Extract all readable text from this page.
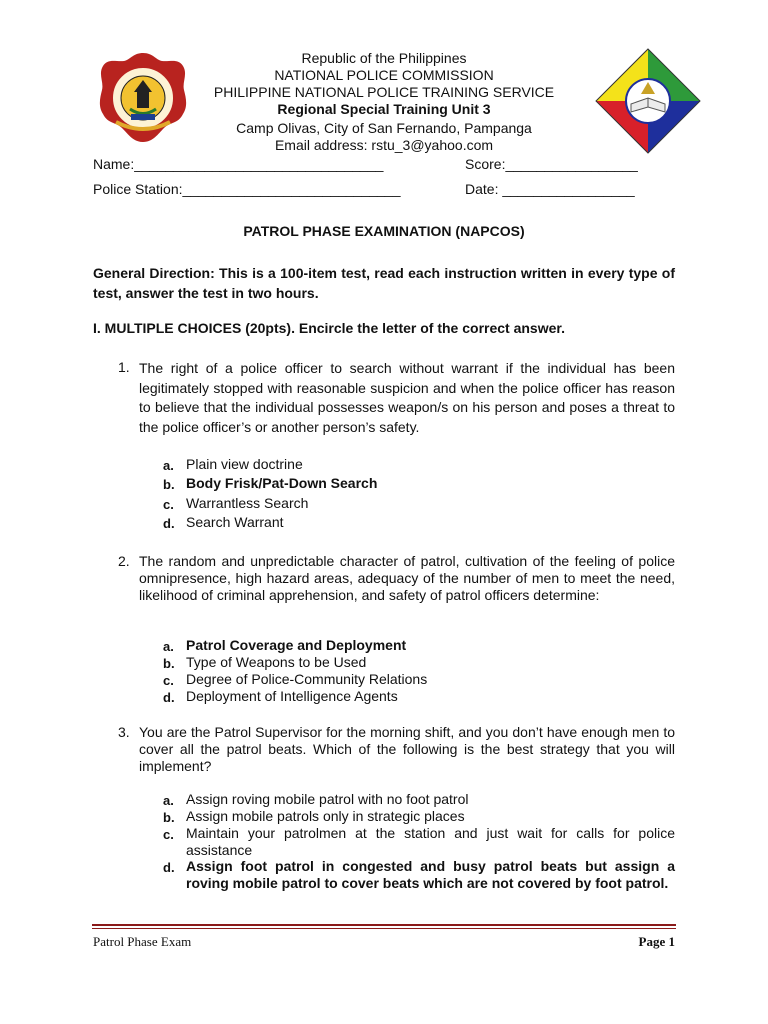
Republic of the Philippines
NATIONAL POLICE COMMISSION
PHILIPPINE NATIONAL POLICE TRAINING SERVICE
Regional Special Training Unit 3
Camp Olivas, City of San Fernando, Pampanga
Email address: rstu_3@yahoo.com
Name:________________________________	Score:_________________
Police Station:____________________________	Date: _________________
PATROL PHASE EXAMINATION (NAPCOS)
General Direction: This is a 100-item test, read each instruction written in every type of test, answer the test in two hours.
I. MULTIPLE CHOICES (20pts). Encircle the letter of the correct answer.
1. The right of a police officer to search without warrant if the individual has been legitimately stopped with reasonable suspicion and when the police officer has reason to believe that the individual possesses weapon/s on his person and poses a threat to the police officer’s or another person’s safety.
a. Plain view doctrine
b. Body Frisk/Pat-Down Search
c. Warrantless Search
d. Search Warrant
2. The random and unpredictable character of patrol, cultivation of the feeling of police omnipresence, high hazard areas, adequacy of the number of men to meet the need, likelihood of criminal apprehension, and safety of patrol officers determine:
a. Patrol Coverage and Deployment
b. Type of Weapons to be Used
c. Degree of Police-Community Relations
d. Deployment of Intelligence Agents
3. You are the Patrol Supervisor for the morning shift, and you don’t have enough men to cover all the patrol beats. Which of the following is the best strategy that you will implement?
a. Assign roving mobile patrol with no foot patrol
b. Assign mobile patrols only in strategic places
c. Maintain your patrolmen at the station and just wait for calls for police assistance
d. Assign foot patrol in congested and busy patrol beats but assign a roving mobile patrol to cover beats which are not covered by foot patrol.
Patrol Phase Exam	Page 1
